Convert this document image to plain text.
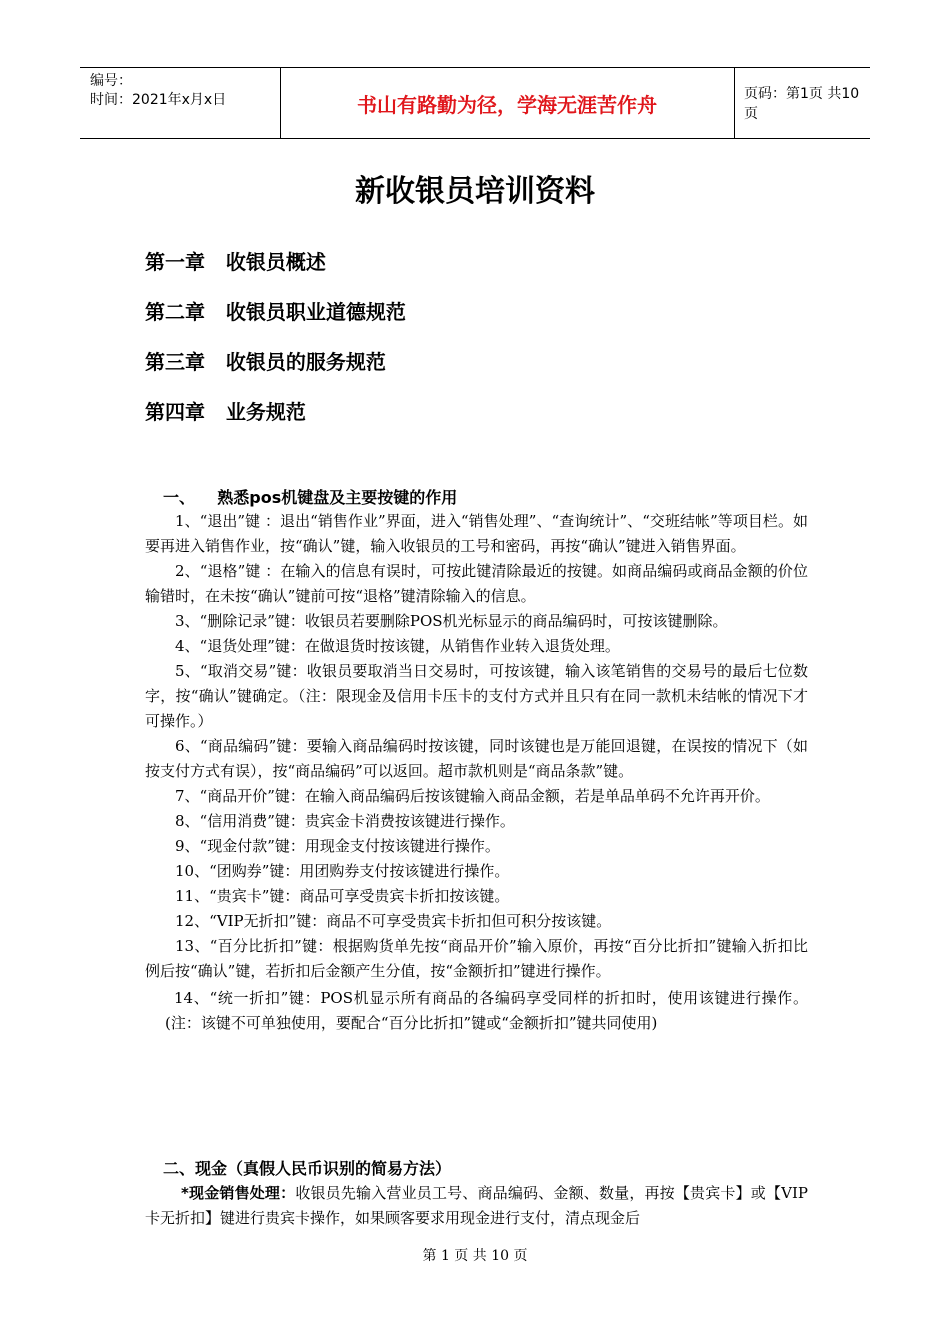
编号：
时间：2021年x月x日	书山有路勤为径，学海无涯苦作舟	页码：第1页 共10页
新收银员培训资料
第一章   收银员概述
第二章   收银员职业道德规范
第三章   收银员的服务规范
第四章   业务规范
一、    熟悉pos机键盘及主要按键的作用

1、“退出”键 ：退出“销售作业”界面，进入“销售处理”、“查询统计”、“交班结帐”等项目栏。如要再进入销售作业，按“确认”键，输入收银员的工号和密码，再按“确认”键进入销售界面。

2、“退格”键 ：在输入的信息有误时，可按此键清除最近的按键。如商品编码或商品金额的价位输错时，在未按“确认”键前可按“退格”键清除输入的信息。

3、“删除记录”键：收银员若要删除POS机光标显示的商品编码时，可按该键删除。

4、“退货处理”键：在做退货时按该键，从销售作业转入退货处理。

5、“取消交易”键：收银员要取消当日交易时，可按该键，输入该笔销售的交易号的最后七位数字，按“确认”键确定。（注：限现金及信用卡压卡的支付方式并且只有在同一款机未结帐的情况下才可操作。）

6、“商品编码”键：要输入商品编码时按该键，同时该键也是万能回退键，在误按的情况下（如按支付方式有误），按“商品编码”可以返回。超市款机则是“商品条款”键。

7、“商品开价”键：在输入商品编码后按该键输入商品金额，若是单品单码不允许再开价。

8、“信用消费”键：贵宾金卡消费按该键进行操作。

9、“现金付款”键：用现金支付按该键进行操作。

10、“团购券”键：用团购券支付按该键进行操作。

11、“贵宾卡”键：商品可享受贵宾卡折扣按该键。

12、“VIP无折扣”键：商品不可享受贵宾卡折扣但可积分按该键。

13、“百分比折扣”键：根据购货单先按“商品开价”输入原价，再按“百分比折扣”键输入折扣比例后按“确认”键，若折扣后金额产生分值，按“金额折扣”键进行操作。

14、“统一折扣”键：POS机显示所有商品的各编码享受同样的折扣时，使用该键进行操作。(注：该键不可单独使用，要配合“百分比折扣”键或“金额折扣”键共同使用)

二、现金（真假人民币识别的简易方法）

*现金销售处理：收银员先输入营业员工号、商品编码、金额、数量，再按【贵宾卡】或【VIP卡无折扣】键进行贵宾卡操作，如果顾客要求用现金进行支付，清点现金后

第 1 页 共 10 页
